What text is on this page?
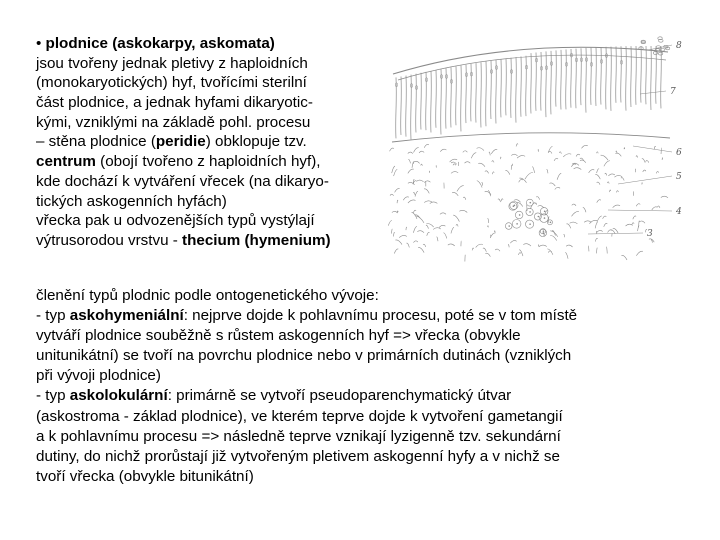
• plodnice (askokarpy, askomata)
jsou tvořeny jednak pletivy z haploidních
(monokaryotických) hyf, tvořícími sterilní
část plodnice, a jednak hyfami dikaryotic-
kými, vzniklými na základě pohl. procesu
– stěna plodnice (peridie) obklopuje tzv.
centrum (obojí tvořeno z haploidních hyf),
kde dochází k vytváření vřecek (na dikaryo-
tických askogenních hyfách)
vřecka pak u odvozenějších typů vystýlají
výtrusorodou vrstvu - thecium (hymenium)
8
7
6
5
4
3
členění typů plodnic podle ontogenetického vývoje:
- typ askohymeniální: nejprve dojde k pohlavnímu procesu, poté se v tom místě
vytváří plodnice souběžně s růstem askogenních hyf => vřecka (obvykle
unitunikátní) se tvoří na povrchu plodnice nebo v primárních dutinách (vzniklých
při vývoji plodnice)
- typ askolokulární: primárně se vytvoří pseudoparenchymatický útvar
(askostroma - základ plodnice), ve kterém teprve dojde k vytvoření gametangií
a k pohlavnímu procesu => následně teprve vznikají lyzigenně tzv. sekundární
dutiny, do nichž prorůstají již vytvořeným pletivem askogenní hyfy a v nichž se
tvoří vřecka (obvykle bitunikátní)
